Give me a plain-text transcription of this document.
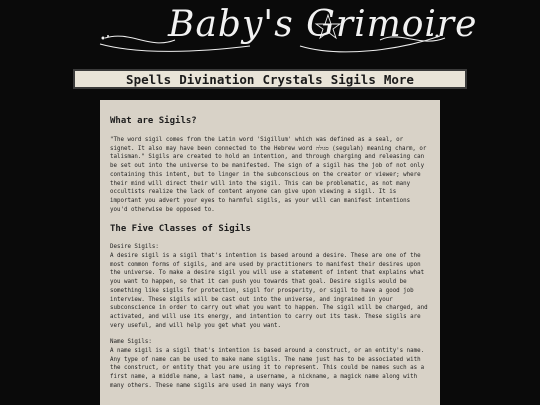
Baby's Grimoire
Spells Divination Crystals Sigils More
What are Sigils?

"The word sigil comes from the Latin word 'Sigillum' which was defined as a seal, or signet. It also may have been connected to the Hebrew word סגולה (segulah) meaning charm, or talisman." Sigils are created to hold an intention, and through charging and releasing can be set out into the universe to be manifested. The sign of a sigil has the job of not only containing this intent, but to linger in the subconscious on the creator or viewer; where their mind will direct their will into the sigil. This can be problematic, as not many occultists realize the lack of content anyone can give upon viewing a sigil. It is important you advert your eyes to harmful sigils, as your will can manifest intentions you'd otherwise be opposed to.

The Five Classes of Sigils

Desire Sigils:

A desire sigil is a sigil that's intention is based around a desire. These are one of the most common forms of sigils, and are used by practitioners to manifest their desires upon the universe. To make a desire sigil you will use a statement of intent that explains what you want to happen, so that it can push you towards that goal. Desire sigils would be something like sigils for protection, sigil for prosperity, or sigil to have a good job interview. These sigils will be cast out into the universe, and ingrained in your subconscience in order to carry out what you want to happen. The sigil will be charged, and activated, and will use its energy, and intention to carry out its task. These sigils are very useful, and will help you get what you want.

Name Sigils:

A name sigil is a sigil that's intention is based around a construct, or an entity's name. Any type of name can be used to make name sigils. The name just has to be associated with the construct, or entity that you are using it to represent. This could be names such as a first name, a middle name, a last name, a username, a nickname, a magick name along with many others. These name sigils are used in many ways from
